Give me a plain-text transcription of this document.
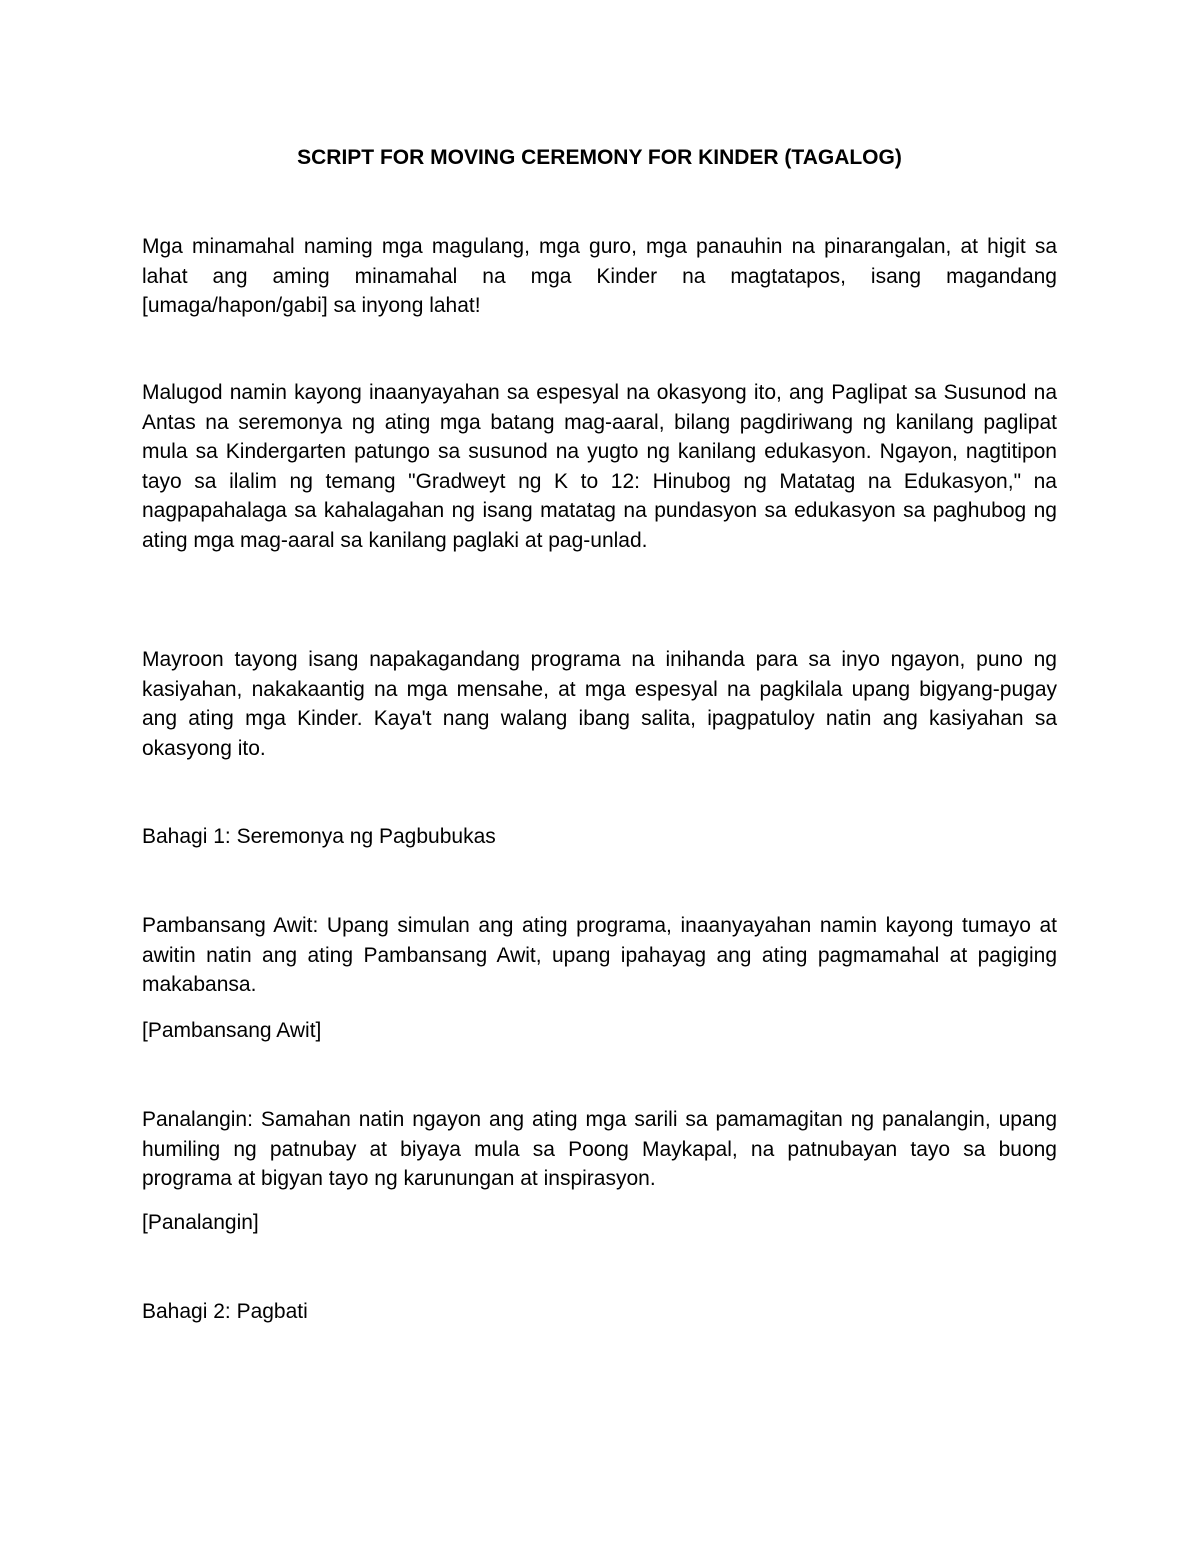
SCRIPT FOR MOVING CEREMONY FOR KINDER (TAGALOG)

Mga minamahal naming mga magulang, mga guro, mga panauhin na pinarangalan, at higit sa lahat ang aming minamahal na mga Kinder na magtatapos, isang magandang [umaga/hapon/gabi] sa inyong lahat!

Malugod namin kayong inaanyayahan sa espesyal na okasyong ito, ang Paglipat sa Susunod na Antas na seremonya ng ating mga batang mag-aaral, bilang pagdiriwang ng kanilang paglipat mula sa Kindergarten patungo sa susunod na yugto ng kanilang edukasyon. Ngayon, nagtitipon tayo sa ilalim ng temang "Gradweyt ng K to 12: Hinubog ng Matatag na Edukasyon," na nagpapahalaga sa kahalagahan ng isang matatag na pundasyon sa edukasyon sa paghubog ng ating mga mag-aaral sa kanilang paglaki at pag-unlad.

Mayroon tayong isang napakagandang programa na inihanda para sa inyo ngayon, puno ng kasiyahan, nakakaantig na mga mensahe, at mga espesyal na pagkilala upang bigyang-pugay ang ating mga Kinder. Kaya't nang walang ibang salita, ipagpatuloy natin ang kasiyahan sa okasyong ito.

Bahagi 1: Seremonya ng Pagbubukas

Pambansang Awit: Upang simulan ang ating programa, inaanyayahan namin kayong tumayo at awitin natin ang ating Pambansang Awit, upang ipahayag ang ating pagmamahal at pagiging makabansa.

[Pambansang Awit]

Panalangin: Samahan natin ngayon ang ating mga sarili sa pamamagitan ng panalangin, upang humiling ng patnubay at biyaya mula sa Poong Maykapal, na patnubayan tayo sa buong programa at bigyan tayo ng karunungan at inspirasyon.

[Panalangin]

Bahagi 2: Pagbati
